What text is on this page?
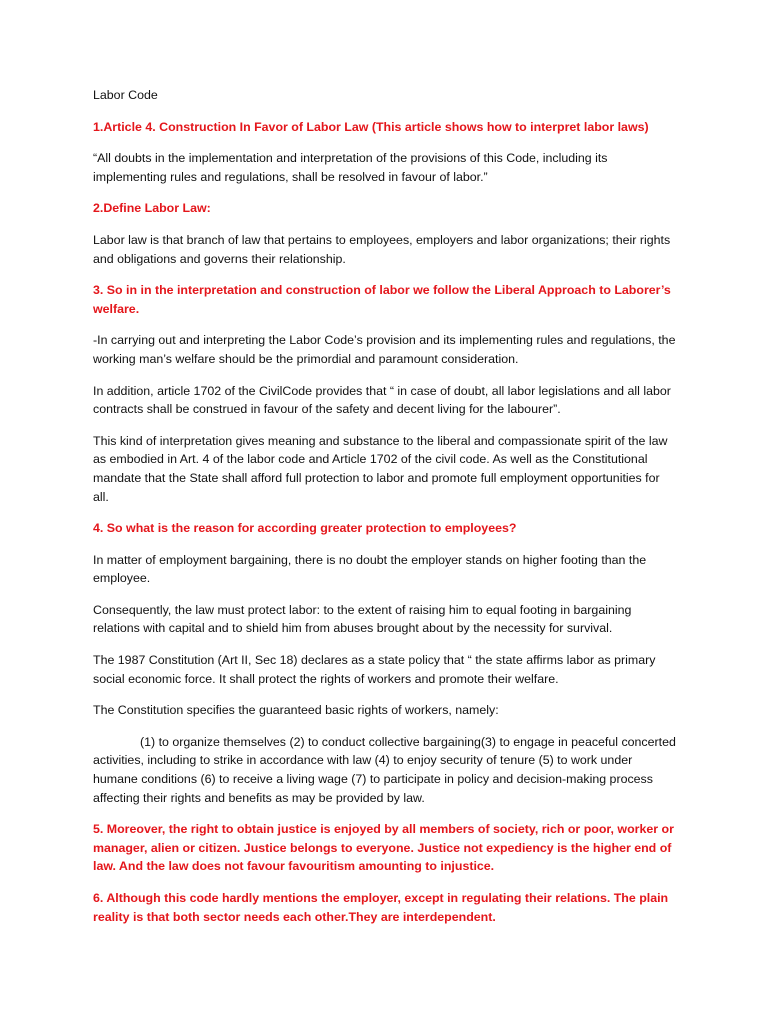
Labor Code

1.Article 4. Construction In Favor of Labor Law (This article shows how to interpret labor laws)

“All doubts in the implementation and interpretation of the provisions of this Code, including its implementing rules and regulations, shall be resolved in favour of labor.”

2.Define Labor Law:

Labor law is that branch of law that pertains to employees, employers and labor organizations; their rights and obligations and governs their relationship.

3. So in in the interpretation and construction of labor we follow the Liberal Approach to Laborer’s welfare.

-In carrying out and interpreting the Labor Code’s provision and its implementing rules and regulations, the working man’s welfare should be the primordial and paramount consideration.

In addition, article 1702 of the CivilCode provides that “ in case of doubt, all labor legislations and all labor contracts shall be construed in favour of the safety and decent living for the labourer”.

This kind of interpretation gives meaning and substance to the liberal and compassionate spirit of the law as embodied in Art. 4 of the labor code and Article 1702 of the civil code. As well as the Constitutional mandate that the State shall afford full protection to labor and promote full employment opportunities for all.

4. So what is the reason for according greater protection to employees?

In matter of employment bargaining, there is no doubt the employer stands on higher footing than the employee.

Consequently, the law must protect labor: to the extent of raising him to equal footing in bargaining relations with capital and to shield him from abuses brought about by the necessity for survival.

The 1987 Constitution (Art II, Sec 18) declares as a state policy that “ the state affirms labor as primary social economic force. It shall protect the rights of workers and promote their welfare.

The Constitution specifies the guaranteed basic rights of workers, namely:

(1) to organize themselves (2) to conduct collective bargaining(3) to engage in peaceful concerted activities, including to strike in accordance with law (4) to enjoy security of tenure (5) to work under humane conditions (6) to receive a living wage (7) to participate in policy and decision-making process affecting their rights and benefits as may be provided by law.

5. Moreover, the right to obtain justice is enjoyed by all members of society, rich or poor, worker or manager, alien or citizen. Justice belongs to everyone. Justice not expediency is the higher end of law. And the law does not favour favouritism amounting to injustice.

6. Although this code hardly mentions the employer, except in regulating their relations. The plain reality is that both sector needs each other.They are interdependent.
